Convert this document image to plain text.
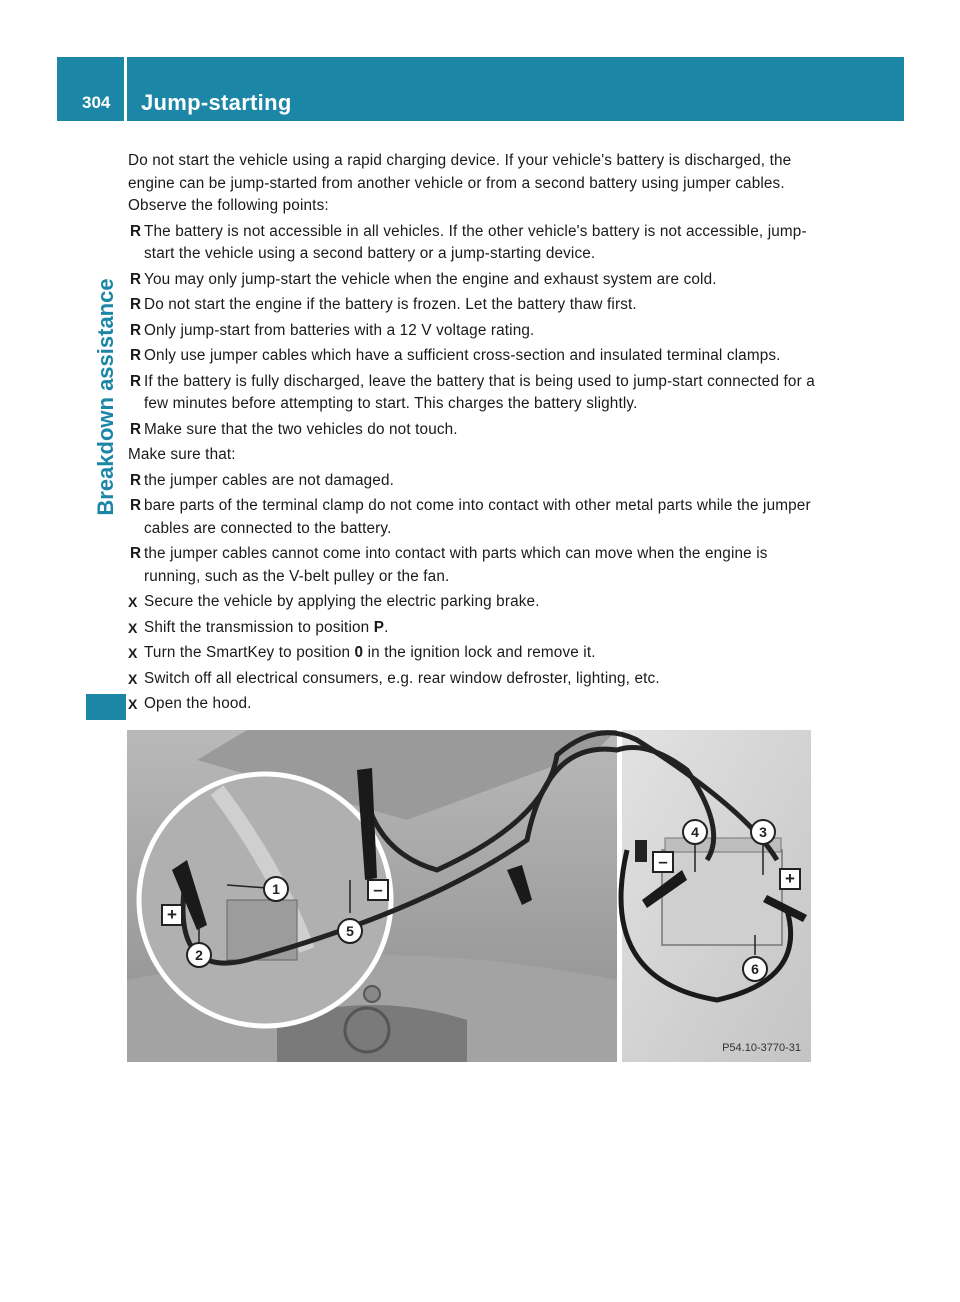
304 Jump-starting
Breakdown assistance

Do not start the vehicle using a rapid charging device. If your vehicle's battery is discharged, the engine can be jump-started from another vehicle or from a second battery using jumper cables. Observe the following points:

R The battery is not accessible in all vehicles. If the other vehicle's battery is not accessible, jump-start the vehicle using a second battery or a jump-starting device.
R You may only jump-start the vehicle when the engine and exhaust system are cold.
R Do not start the engine if the battery is frozen. Let the battery thaw first.
R Only jump-start from batteries with a 12 V voltage rating.
R Only use jumper cables which have a sufficient cross-section and insulated terminal clamps.
R If the battery is fully discharged, leave the battery that is being used to jump-start connected for a few minutes before attempting to start. This charges the battery slightly.
R Make sure that the two vehicles do not touch.

Make sure that:

R the jumper cables are not damaged.
R bare parts of the terminal clamp do not come into contact with other metal parts while the jumper cables are connected to the battery.
R the jumper cables cannot come into contact with parts which can move when the engine is running, such as the V-belt pulley or the fan.
X Secure the vehicle by applying the electric parking brake.
X Shift the transmission to position P.
X Turn the SmartKey to position 0 in the ignition lock and remove it.
X Switch off all electrical consumers, e.g. rear window defroster, lighting, etc.
X Open the hood.
+
–
–
+
1
2
3
4
5
6
P54.10-3770-31
